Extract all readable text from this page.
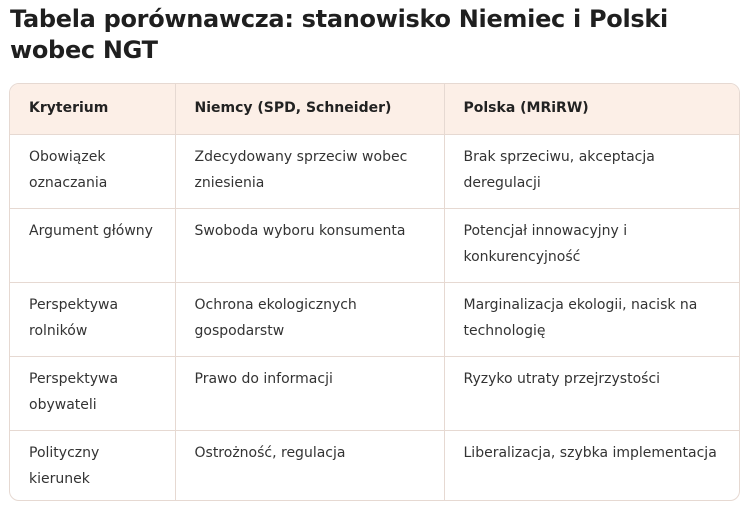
Tabela porównawcza: stanowisko Niemiec i Polski wobec NGT
Kryterium	Niemcy (SPD, Schneider)	Polska (MRiRW)
Obowiązek oznaczania	Zdecydowany sprzeciw wobec zniesienia	Brak sprzeciwu, akceptacja deregulacji
Argument główny	Swoboda wyboru konsumenta	Potencjał innowacyjny i konkurencyjność
Perspektywa rolników	Ochrona ekologicznych gospodarstw	Marginalizacja ekologii, nacisk na technologię
Perspektywa obywateli	Prawo do informacji	Ryzyko utraty przejrzystości
Polityczny kierunek	Ostrożność, regulacja	Liberalizacja, szybka implementacja
